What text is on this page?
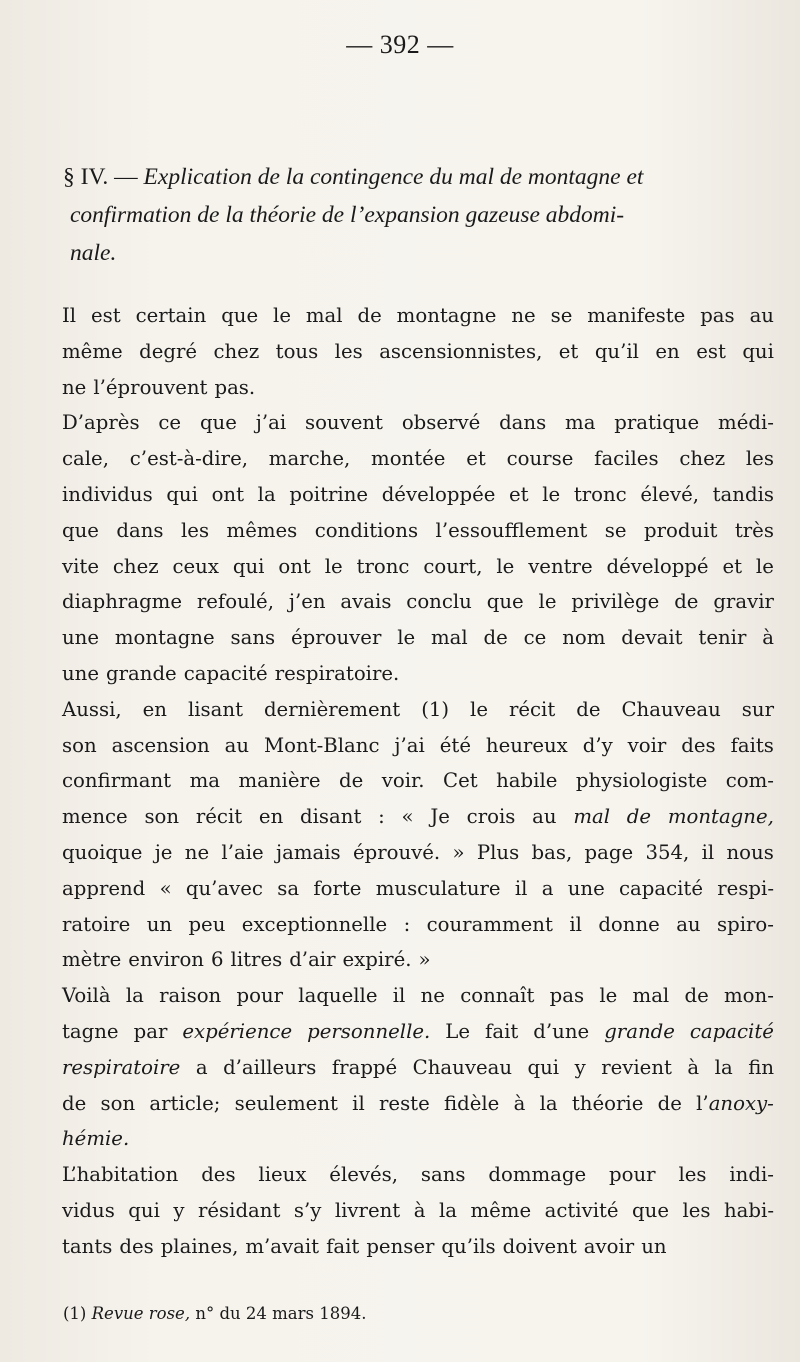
— 392 —
§ IV. — Explication de la contingence du mal de montagne et
confirmation de la théorie de l’expansion gazeuse abdomi-
nale.
Il est certain que le mal de montagne ne se manifeste pas au
même degré chez tous les ascensionnistes, et qu’il en est qui
ne l’éprouvent pas.
D’après ce que j’ai souvent observé dans ma pratique médi-
cale, c’est-à-dire, marche, montée et course faciles chez les
individus qui ont la poitrine développée et le tronc élevé, tandis
que dans les mêmes conditions l’essoufflement se produit très
vite chez ceux qui ont le tronc court, le ventre développé et le
diaphragme refoulé, j’en avais conclu que le privilège de gravir
une montagne sans éprouver le mal de ce nom devait tenir à
une grande capacité respiratoire.
Aussi, en lisant dernièrement (1) le récit de Chauveau sur
son ascension au Mont-Blanc j’ai été heureux d’y voir des faits
confirmant ma manière de voir. Cet habile physiologiste com-
mence son récit en disant : « Je crois au mal de montagne,
quoique je ne l’aie jamais éprouvé. » Plus bas, page 354, il nous
apprend « qu’avec sa forte musculature il a une capacité respi-
ratoire un peu exceptionnelle : couramment il donne au spiro-
mètre environ 6 litres d’air expiré. »
Voilà la raison pour laquelle il ne connaît pas le mal de mon-
tagne par expérience personnelle. Le fait d’une grande capacité
respiratoire a d’ailleurs frappé Chauveau qui y revient à la fin
de son article; seulement il reste fidèle à la théorie de l’anoxy-
hémie.
L’habitation des lieux élevés, sans dommage pour les indi-
vidus qui y résidant s’y livrent à la même activité que les habi-
tants des plaines, m’avait fait penser qu’ils doivent avoir un
(1) Revue rose, n° du 24 mars 1894.
